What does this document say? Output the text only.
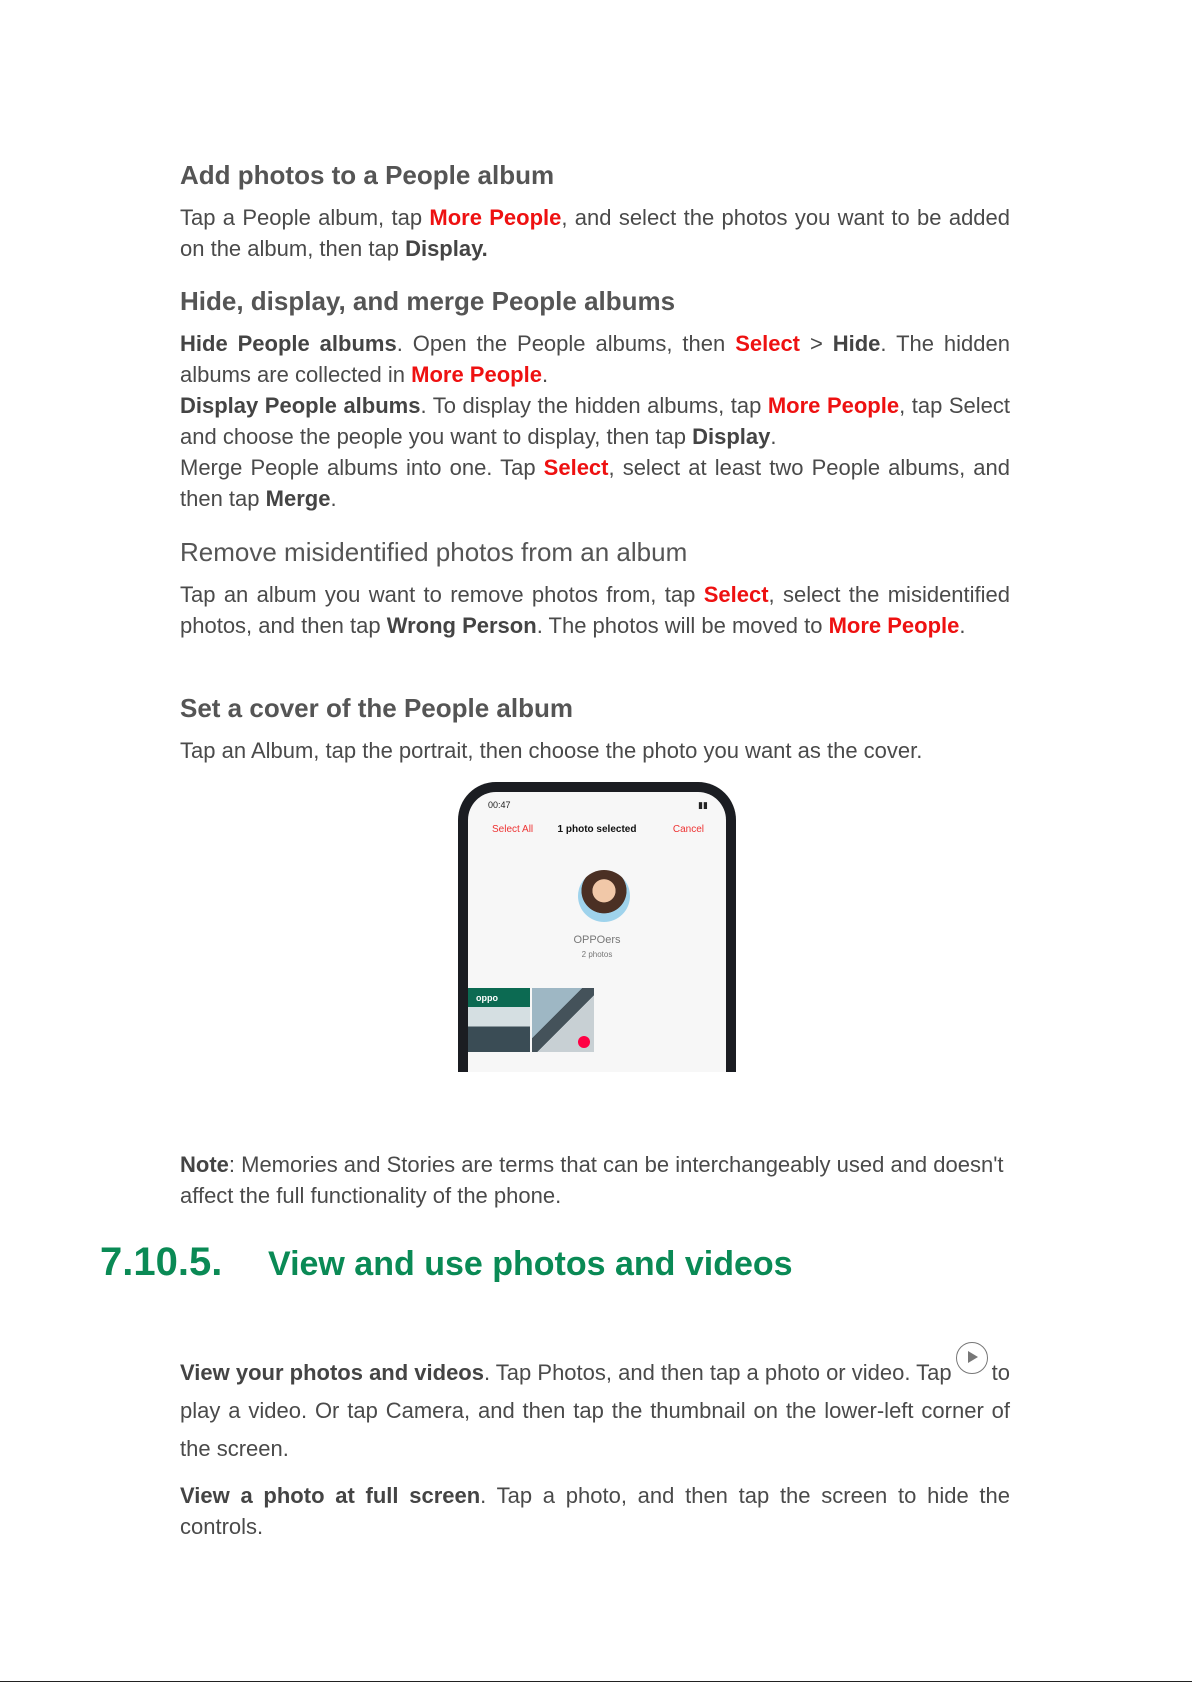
Add photos to a People album

Tap a People album, tap More People, and select the photos you want to be added on the album, then tap Display.

Hide, display, and merge People albums

Hide People albums. Open the People albums, then Select > Hide. The hidden albums are collected in More People.

Display People albums. To display the hidden albums, tap More People, tap Select and choose the people you want to display, then tap Display.

Merge People albums into one. Tap Select, select at least two People albums, and then tap Merge.

Remove misidentified photos from an album

Tap an album you want to remove photos from, tap Select, select the misidentified photos, and then tap Wrong Person. The photos will be moved to More People.

Set a cover of the People album

Tap an Album, tap the portrait, then choose the photo you want as the cover.

Note: Memories and Stories are terms that can be interchangeably used and doesn't affect the full functionality of the phone.

View your photos and videos. Tap Photos, and then tap a photo or video. Tap to play a video. Or tap Camera, and then tap the thumbnail on the lower-left corner of the screen.

View a photo at full screen. Tap a photo, and then tap the screen to hide the controls.

7.10.5. View and use photos and videos
00:47	▮▮
Select All	1 photo selected	Cancel
OPPOers
2 photos
oppo
